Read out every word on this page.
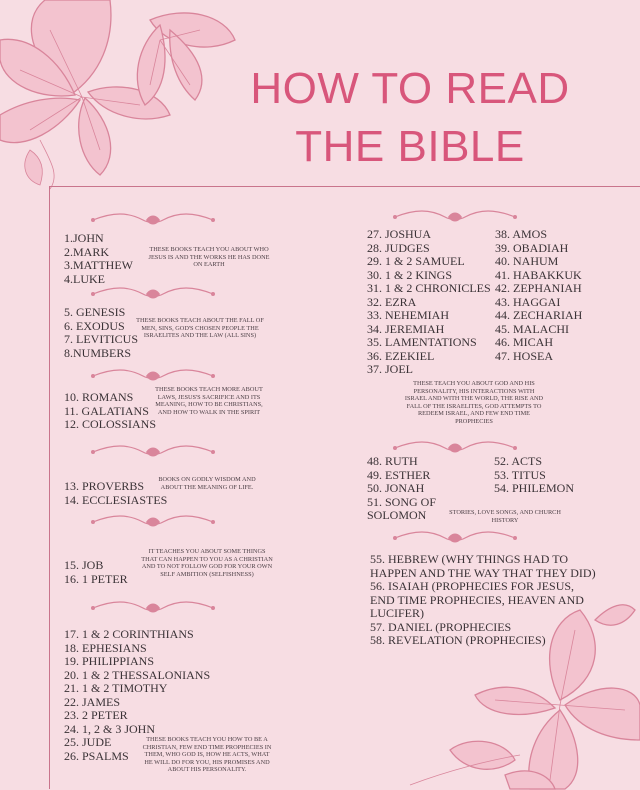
HOW TO READ
THE BIBLE
1.JOHN
2.MARK
3.MATTHEW
4.LUKE
THESE BOOKS TEACH YOU ABOUT WHO JESUS IS AND THE WORKS HE HAS DONE ON EARTH
5. GENESIS
6. EXODUS
7. LEVITICUS
8.NUMBERS
THESE BOOKS TEACH ABOUT THE FALL OF MEN, SINS, GOD'S CHOSEN PEOPLE THE ISRAELITES AND THE LAW (ALL SINS)
10. ROMANS
11. GALATIANS
12. COLOSSIANS
THESE BOOKS TEACH MORE ABOUT LAWS, JESUS'S SACRIFICE AND ITS MEANING, HOW TO BE CHRISTIANS, AND HOW TO WALK IN THE SPIRIT
13. PROVERBS
14. ECCLESIASTES
BOOKS ON GODLY WISDOM AND ABOUT THE MEANING OF LIFE.
15. JOB
16. 1 PETER
IT TEACHES YOU ABOUT SOME THINGS THAT CAN HAPPEN TO YOU AS A CHRISTIAN AND TO NOT FOLLOW GOD FOR YOUR OWN SELF AMBITION (SELFISHNESS)
17. 1 & 2 CORINTHIANS
18. EPHESIANS
19. PHILIPPIANS
20. 1 & 2 THESSALONIANS
21. 1 & 2 TIMOTHY
22. JAMES
23. 2 PETER
24. 1, 2 & 3 JOHN
25. JUDE
26. PSALMS
THESE BOOKS TEACH YOU HOW TO BE A CHRISTIAN, FEW END TIME PROPHECIES IN THEM, WHO GOD IS, HOW HE ACTS, WHAT HE WILL DO FOR YOU, HIS PROMISES AND ABOUT HIS PERSONALITY.
27. JOSHUA
28. JUDGES
29. 1 & 2 SAMUEL
30. 1 & 2 KINGS
31. 1 & 2 CHRONICLES
32. EZRA
33. NEHEMIAH
34. JEREMIAH
35. LAMENTATIONS
36. EZEKIEL
37. JOEL
38. AMOS
39. OBADIAH
40. NAHUM
41. HABAKKUK
42. ZEPHANIAH
43. HAGGAI
44. ZECHARIAH
45. MALACHI
46. MICAH
47. HOSEA
THESE TEACH YOU ABOUT GOD AND HIS PERSONALITY, HIS INTERACTIONS WITH ISRAEL AND WITH THE WORLD, THE RISE AND FALL OF THE ISRAELITES, GOD ATTEMPTS TO REDEEM ISRAEL, AND FEW END TIME PROPHECIES
48. RUTH
49. ESTHER
50. JONAH
51. SONG OF
SOLOMON
52. ACTS
53. TITUS
54. PHILEMON
STORIES, LOVE SONGS, AND CHURCH HISTORY
55. HEBREW (WHY THINGS HAD TO
HAPPEN AND THE WAY THAT THEY DID)
56. ISAIAH (PROPHECIES FOR JESUS,
END TIME PROPHECIES, HEAVEN AND
LUCIFER)
57. DANIEL (PROPHECIES
58. REVELATION (PROPHECIES)
